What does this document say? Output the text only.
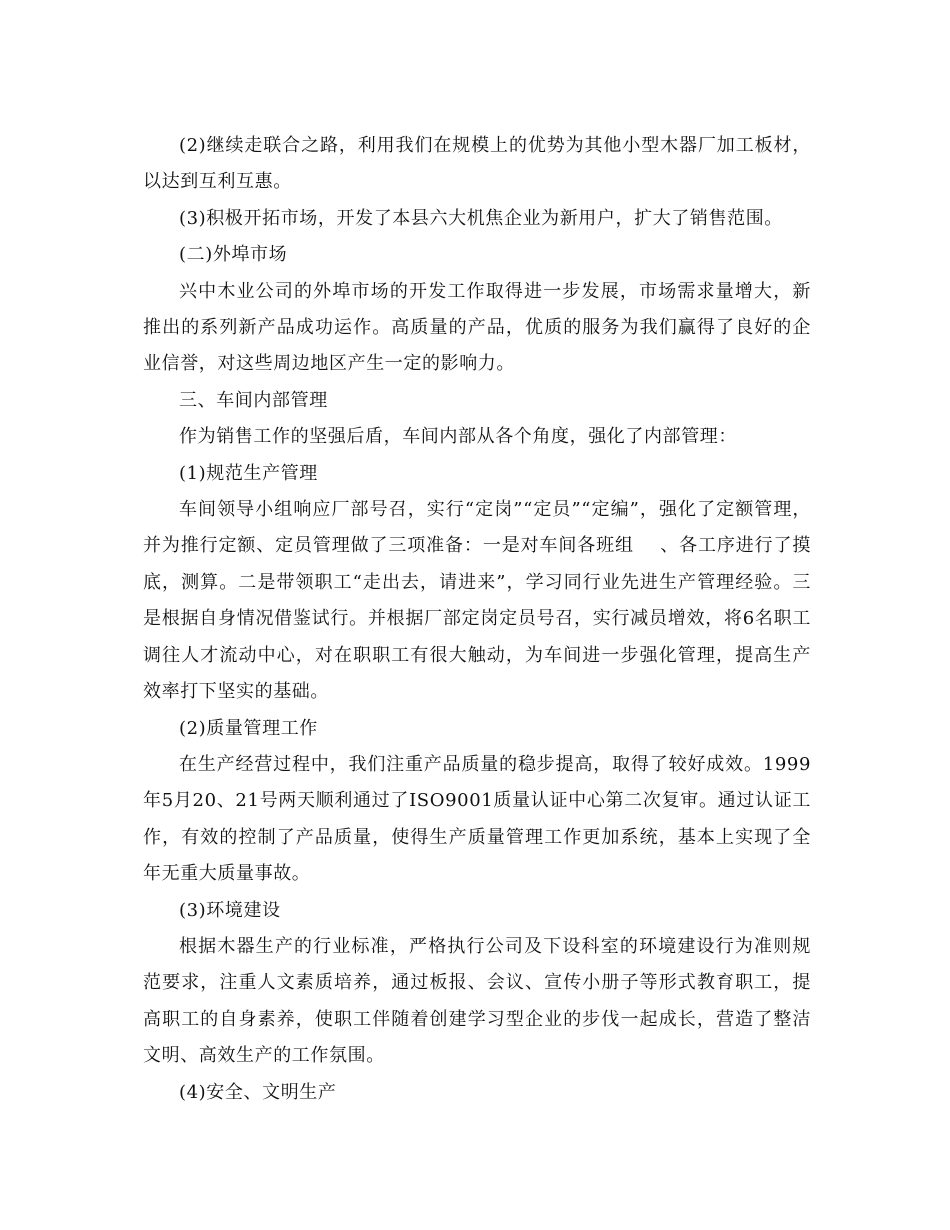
(2)继续走联合之路，利用我们在规模上的优势为其他小型木器厂加工板材，以达到互利互惠。

(3)积极开拓市场，开发了本县六大机焦企业为新用户，扩大了销售范围。

(二)外埠市场

兴中木业公司的外埠市场的开发工作取得进一步发展，市场需求量增大，新推出的系列新产品成功运作。高质量的产品，优质的服务为我们赢得了良好的企业信誉，对这些周边地区产生一定的影响力。

三、车间内部管理

作为销售工作的坚强后盾，车间内部从各个角度，强化了内部管理：

(1)规范生产管理

车间领导小组响应厂部号召，实行“定岗”“定员”“定编”，强化了定额管理，并为推行定额、定员管理做了三项准备：一是对车间各班组    、各工序进行了摸底，测算。二是带领职工“走出去，请进来”，学习同行业先进生产管理经验。三是根据自身情况借鉴试行。并根据厂部定岗定员号召，实行减员增效，将6名职工调往人才流动中心，对在职职工有很大触动，为车间进一步强化管理，提高生产效率打下坚实的基础。

(2)质量管理工作

在生产经营过程中，我们注重产品质量的稳步提高，取得了较好成效。1999年5月20、21号两天顺利通过了ISO9001质量认证中心第二次复审。通过认证工作，有效的控制了产品质量，使得生产质量管理工作更加系统，基本上实现了全年无重大质量事故。

(3)环境建设

根据木器生产的行业标准，严格执行公司及下设科室的环境建设行为准则规范要求，注重人文素质培养，通过板报、会议、宣传小册子等形式教育职工，提高职工的自身素养，使职工伴随着创建学习型企业的步伐一起成长，营造了整洁文明、高效生产的工作氛围。

(4)安全、文明生产
